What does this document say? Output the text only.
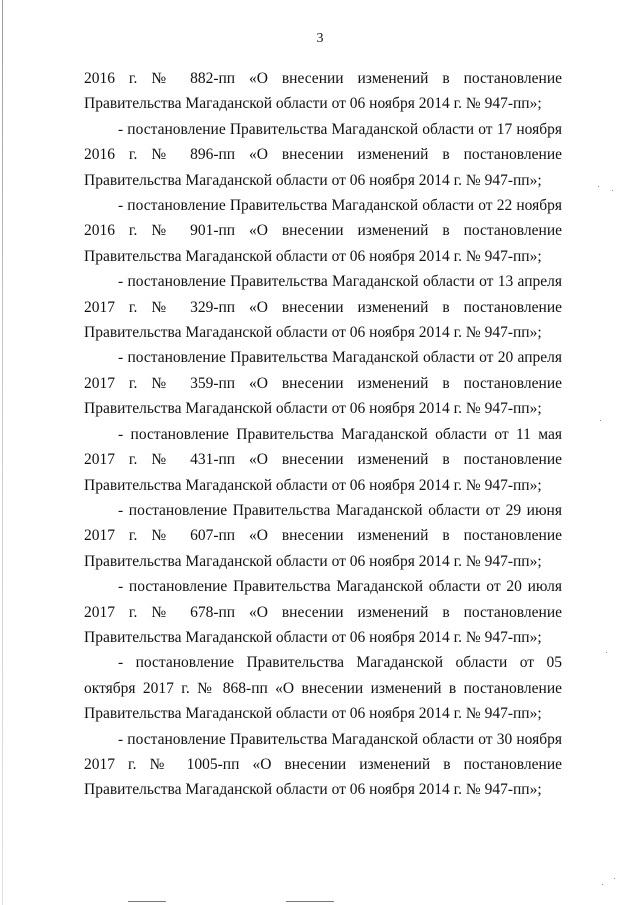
3

2016 г. № 882-пп «О внесении изменений в постановление Правительства Магаданской области от 06 ноября 2014 г. № 947-пп»;

- постановление Правительства Магаданской области от 17 ноября 2016 г. № 896-пп «О внесении изменений в постановление Правительства Магаданской области от 06 ноября 2014 г. № 947-пп»;

- постановление Правительства Магаданской области от 22 ноября 2016 г. № 901-пп «О внесении изменений в постановление Правительства Магаданской области от 06 ноября 2014 г. № 947-пп»;

- постановление Правительства Магаданской области от 13 апреля 2017 г. № 329-пп «О внесении изменений в постановление Правительства Магаданской области от 06 ноября 2014 г. № 947-пп»;

- постановление Правительства Магаданской области от 20 апреля 2017 г. № 359-пп «О внесении изменений в постановление Правительства Магаданской области от 06 ноября 2014 г. № 947-пп»;

- постановление Правительства Магаданской области от 11 мая 2017 г. № 431-пп «О внесении изменений в постановление Правительства Магаданской области от 06 ноября 2014 г. № 947-пп»;

- постановление Правительства Магаданской области от 29 июня 2017 г. № 607-пп «О внесении изменений в постановление Правительства Магаданской области от 06 ноября 2014 г. № 947-пп»;

- постановление Правительства Магаданской области от 20 июля 2017 г. № 678-пп «О внесении изменений в постановление Правительства Магаданской области от 06 ноября 2014 г. № 947-пп»;

- постановление Правительства Магаданской области от 05 октября 2017 г. № 868-пп «О внесении изменений в постановление Правительства Магаданской области от 06 ноября 2014 г. № 947-пп»;

- постановление Правительства Магаданской области от 30 ноября 2017 г. № 1005-пп «О внесении изменений в постановление Правительства Магаданской области от 06 ноября 2014 г. № 947-пп»;
